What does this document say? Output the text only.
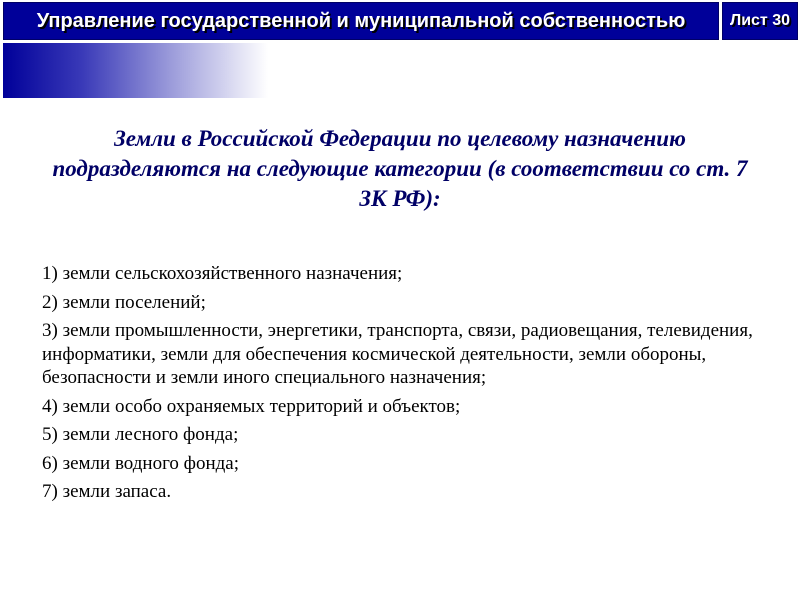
Управление государственной и муниципальной собственностью	Лист 30
Земли в Российской Федерации по целевому назначению подразделяются на следующие категории (в соответствии со ст. 7 ЗК РФ):
1) земли сельскохозяйственного назначения;
2) земли поселений;
3) земли промышленности, энергетики, транспорта, связи, радиовещания, телевидения, информатики, земли для обеспечения космической деятельности, земли обороны, безопасности и земли иного специального назначения;
4) земли особо охраняемых территорий и объектов;
5) земли лесного фонда;
6) земли водного фонда;
7) земли запаса.
